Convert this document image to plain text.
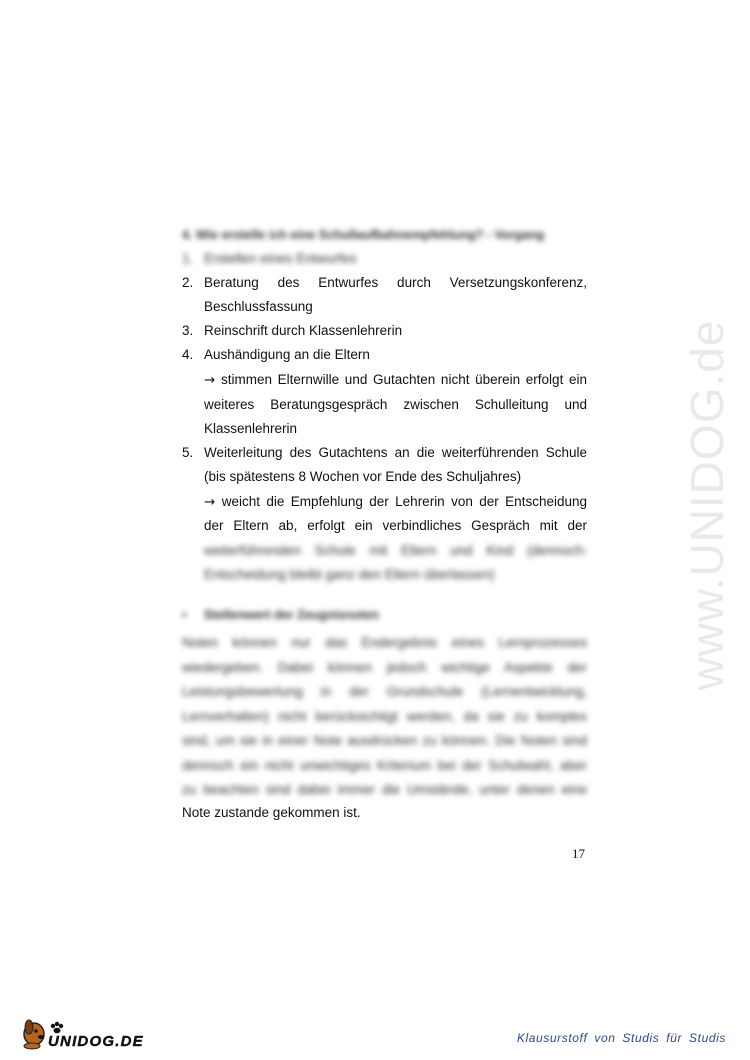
www.UNIDOG.de
4. Wie erstelle ich eine Schullaufbahnempfehlung? - Vorgang
1. Erstellen eines Entwurfes
2. Beratung des Entwurfes durch Versetzungskonferenz,
Beschlussfassung
3. Reinschrift durch Klassenlehrerin
4. Aushändigung an die Eltern
→ stimmen Elternwille und Gutachten nicht überein erfolgt ein
weiteres Beratungsgespräch zwischen Schulleitung und
Klassenlehrerin
5. Weiterleitung des Gutachtens an die weiterführenden Schule
(bis spätestens 8 Wochen vor Ende des Schuljahres)
→ weicht die Empfehlung der Lehrerin von der Entscheidung
der Eltern ab, erfolgt ein verbindliches Gespräch mit der
weiterführenden Schule mit Eltern und Kind (dennoch:
Entscheidung bleibt ganz den Eltern überlassen)
• Stellenwert der Zeugnisnoten
Noten können nur das Endergebnis eines Lernprozesses
wiedergeben. Dabei können jedoch wichtige Aspekte der
Leistungsbewertung in der Grundschule (Lernentwicklung,
Lernverhalten) nicht berücksichtigt werden, da sie zu komplex
sind, um sie in einer Note ausdrücken zu können. Die Noten sind
dennoch ein nicht unwichtiges Kriterium bei der Schulwahl, aber
zu beachten sind dabei immer die Umstände, unter denen eine
Note zustande gekommen ist.
17
UNIDOG.DE	Klausurstoff von Studis für Studis
